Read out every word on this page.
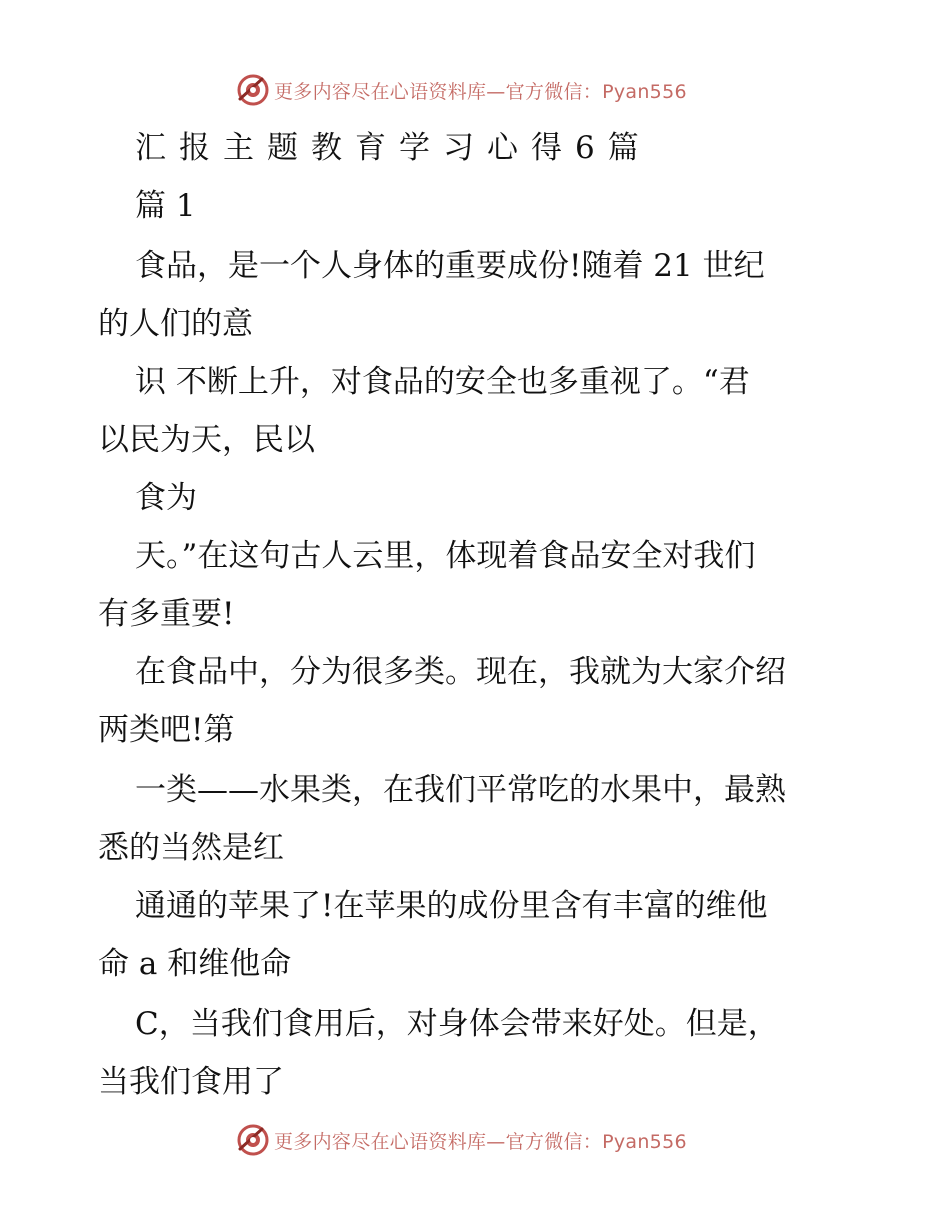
更多内容尽在心语资料库—官方微信：Pyan556
汇报主题教育学习心得6篇
篇 1
食品，是一个人身体的重要成份!随着 21 世纪
的人们的意
识 不断上升，对食品的安全也多重视了。“君
以民为天，民以
食为
天。”在这句古人云里，体现着食品安全对我们
有多重要!
在食品中，分为很多类。现在，我就为大家介绍
两类吧!第
一类——水果类，在我们平常吃的水果中，最熟
悉的当然是红
通通的苹果了!在苹果的成份里含有丰富的维他
命 a 和维他命
C，当我们食用后，对身体会带来好处。但是，
当我们食用了
更多内容尽在心语资料库—官方微信：Pyan556
